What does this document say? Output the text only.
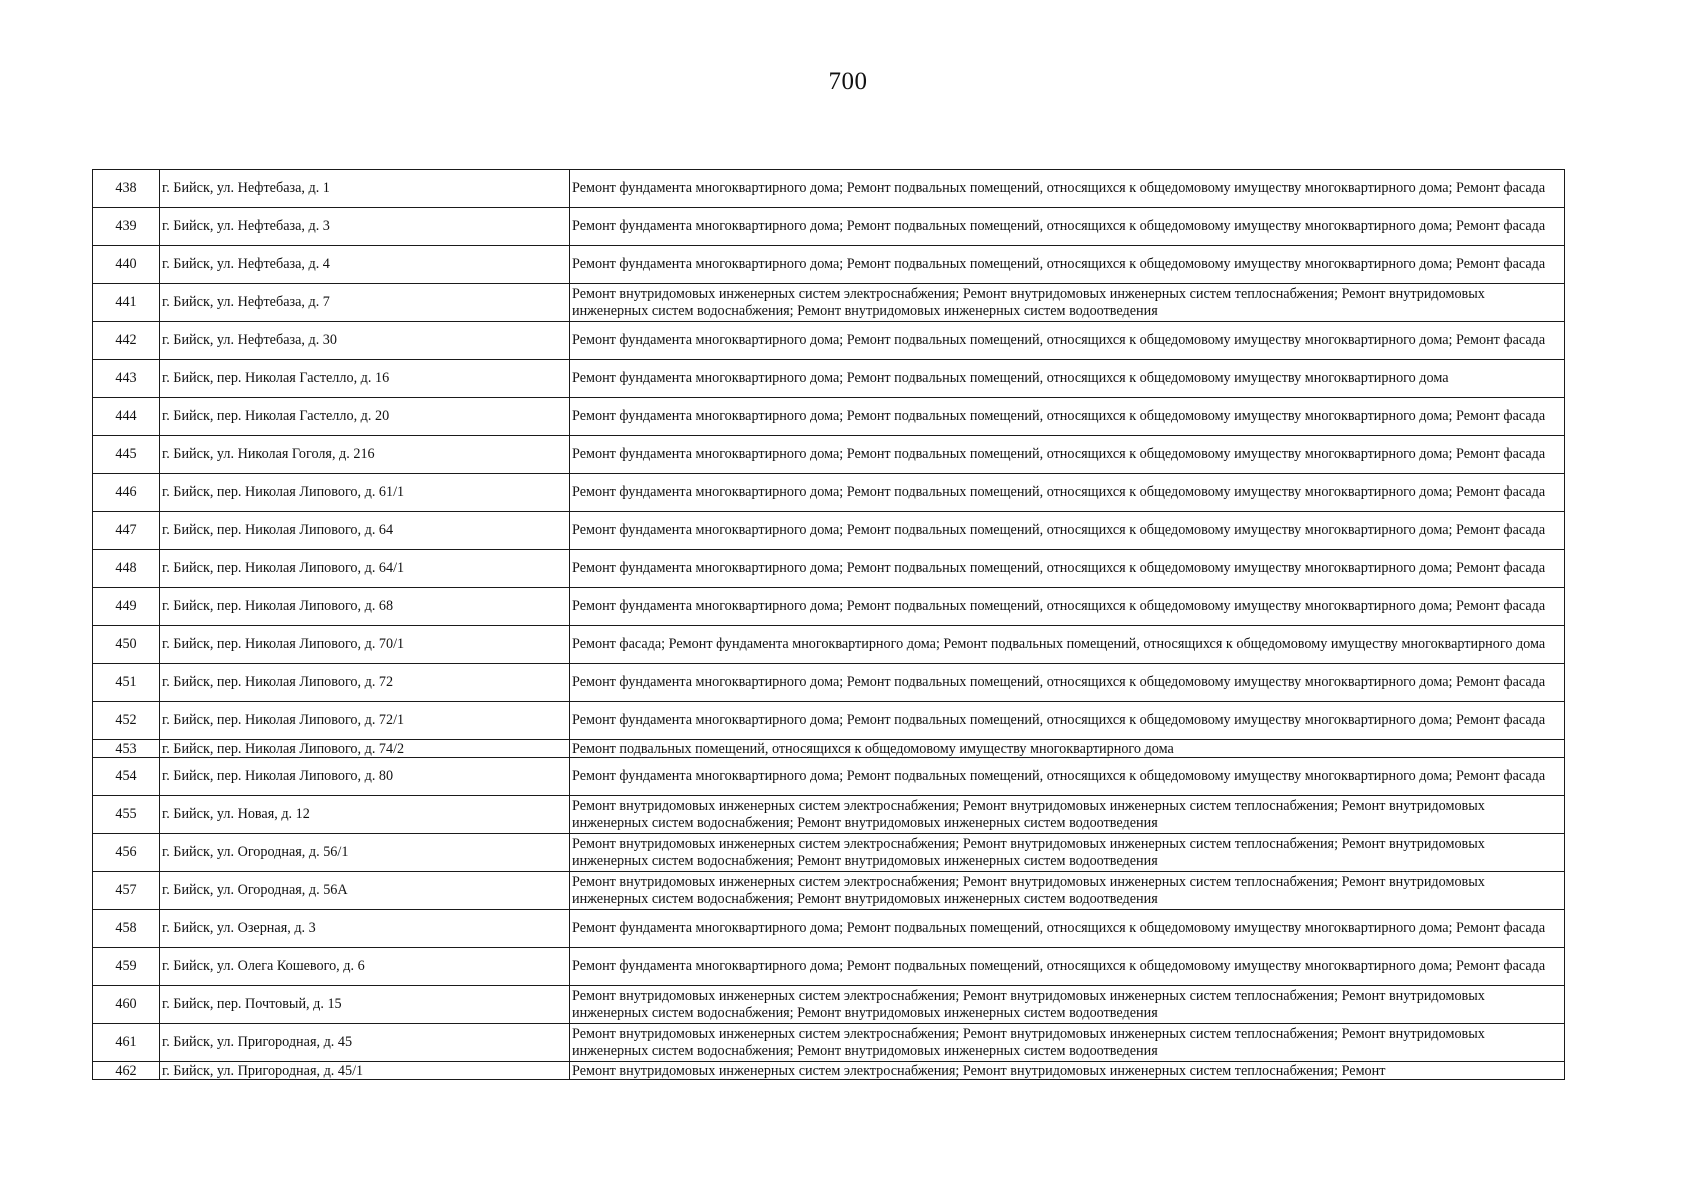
700
438	г. Бийск, ул. Нефтебаза, д. 1	Ремонт фундамента многоквартирного дома; Ремонт подвальных помещений, относящихся к общедомовому имуществу многоквартирного дома; Ремонт фасада
439	г. Бийск, ул. Нефтебаза, д. 3	Ремонт фундамента многоквартирного дома; Ремонт подвальных помещений, относящихся к общедомовому имуществу многоквартирного дома; Ремонт фасада
440	г. Бийск, ул. Нефтебаза, д. 4	Ремонт фундамента многоквартирного дома; Ремонт подвальных помещений, относящихся к общедомовому имуществу многоквартирного дома; Ремонт фасада
441	г. Бийск, ул. Нефтебаза, д. 7	Ремонт внутридомовых инженерных систем электроснабжения; Ремонт внутридомовых инженерных систем теплоснабжения; Ремонт внутридомовых инженерных систем водоснабжения; Ремонт внутридомовых инженерных систем водоотведения
442	г. Бийск, ул. Нефтебаза, д. 30	Ремонт фундамента многоквартирного дома; Ремонт подвальных помещений, относящихся к общедомовому имуществу многоквартирного дома; Ремонт фасада
443	г. Бийск, пер. Николая Гастелло, д. 16	Ремонт фундамента многоквартирного дома; Ремонт подвальных помещений, относящихся к общедомовому имуществу многоквартирного дома
444	г. Бийск, пер. Николая Гастелло, д. 20	Ремонт фундамента многоквартирного дома; Ремонт подвальных помещений, относящихся к общедомовому имуществу многоквартирного дома; Ремонт фасада
445	г. Бийск, ул. Николая Гоголя, д. 216	Ремонт фундамента многоквартирного дома; Ремонт подвальных помещений, относящихся к общедомовому имуществу многоквартирного дома; Ремонт фасада
446	г. Бийск, пер. Николая Липового, д. 61/1	Ремонт фундамента многоквартирного дома; Ремонт подвальных помещений, относящихся к общедомовому имуществу многоквартирного дома; Ремонт фасада
447	г. Бийск, пер. Николая Липового, д. 64	Ремонт фундамента многоквартирного дома; Ремонт подвальных помещений, относящихся к общедомовому имуществу многоквартирного дома; Ремонт фасада
448	г. Бийск, пер. Николая Липового, д. 64/1	Ремонт фундамента многоквартирного дома; Ремонт подвальных помещений, относящихся к общедомовому имуществу многоквартирного дома; Ремонт фасада
449	г. Бийск, пер. Николая Липового, д. 68	Ремонт фундамента многоквартирного дома; Ремонт подвальных помещений, относящихся к общедомовому имуществу многоквартирного дома; Ремонт фасада
450	г. Бийск, пер. Николая Липового, д. 70/1	Ремонт фасада; Ремонт фундамента многоквартирного дома; Ремонт подвальных помещений, относящихся к общедомовому имуществу многоквартирного дома
451	г. Бийск, пер. Николая Липового, д. 72	Ремонт фундамента многоквартирного дома; Ремонт подвальных помещений, относящихся к общедомовому имуществу многоквартирного дома; Ремонт фасада
452	г. Бийск, пер. Николая Липового, д. 72/1	Ремонт фундамента многоквартирного дома; Ремонт подвальных помещений, относящихся к общедомовому имуществу многоквартирного дома; Ремонт фасада
453	г. Бийск, пер. Николая Липового, д. 74/2	Ремонт подвальных помещений, относящихся к общедомовому имуществу многоквартирного дома
454	г. Бийск, пер. Николая Липового, д. 80	Ремонт фундамента многоквартирного дома; Ремонт подвальных помещений, относящихся к общедомовому имуществу многоквартирного дома; Ремонт фасада
455	г. Бийск, ул. Новая, д. 12	Ремонт внутридомовых инженерных систем электроснабжения; Ремонт внутридомовых инженерных систем теплоснабжения; Ремонт внутридомовых инженерных систем водоснабжения; Ремонт внутридомовых инженерных систем водоотведения
456	г. Бийск, ул. Огородная, д. 56/1	Ремонт внутридомовых инженерных систем электроснабжения; Ремонт внутридомовых инженерных систем теплоснабжения; Ремонт внутридомовых инженерных систем водоснабжения; Ремонт внутридомовых инженерных систем водоотведения
457	г. Бийск, ул. Огородная, д. 56А	Ремонт внутридомовых инженерных систем электроснабжения; Ремонт внутридомовых инженерных систем теплоснабжения; Ремонт внутридомовых инженерных систем водоснабжения; Ремонт внутридомовых инженерных систем водоотведения
458	г. Бийск, ул. Озерная, д. 3	Ремонт фундамента многоквартирного дома; Ремонт подвальных помещений, относящихся к общедомовому имуществу многоквартирного дома; Ремонт фасада
459	г. Бийск, ул. Олега Кошевого, д. 6	Ремонт фундамента многоквартирного дома; Ремонт подвальных помещений, относящихся к общедомовому имуществу многоквартирного дома; Ремонт фасада
460	г. Бийск, пер. Почтовый, д. 15	Ремонт внутридомовых инженерных систем электроснабжения; Ремонт внутридомовых инженерных систем теплоснабжения; Ремонт внутридомовых инженерных систем водоснабжения; Ремонт внутридомовых инженерных систем водоотведения
461	г. Бийск, ул. Пригородная, д. 45	Ремонт внутридомовых инженерных систем электроснабжения; Ремонт внутридомовых инженерных систем теплоснабжения; Ремонт внутридомовых инженерных систем водоснабжения; Ремонт внутридомовых инженерных систем водоотведения
462	г. Бийск, ул. Пригородная, д. 45/1	Ремонт внутридомовых инженерных систем электроснабжения; Ремонт внутридомовых инженерных систем теплоснабжения; Ремонт
